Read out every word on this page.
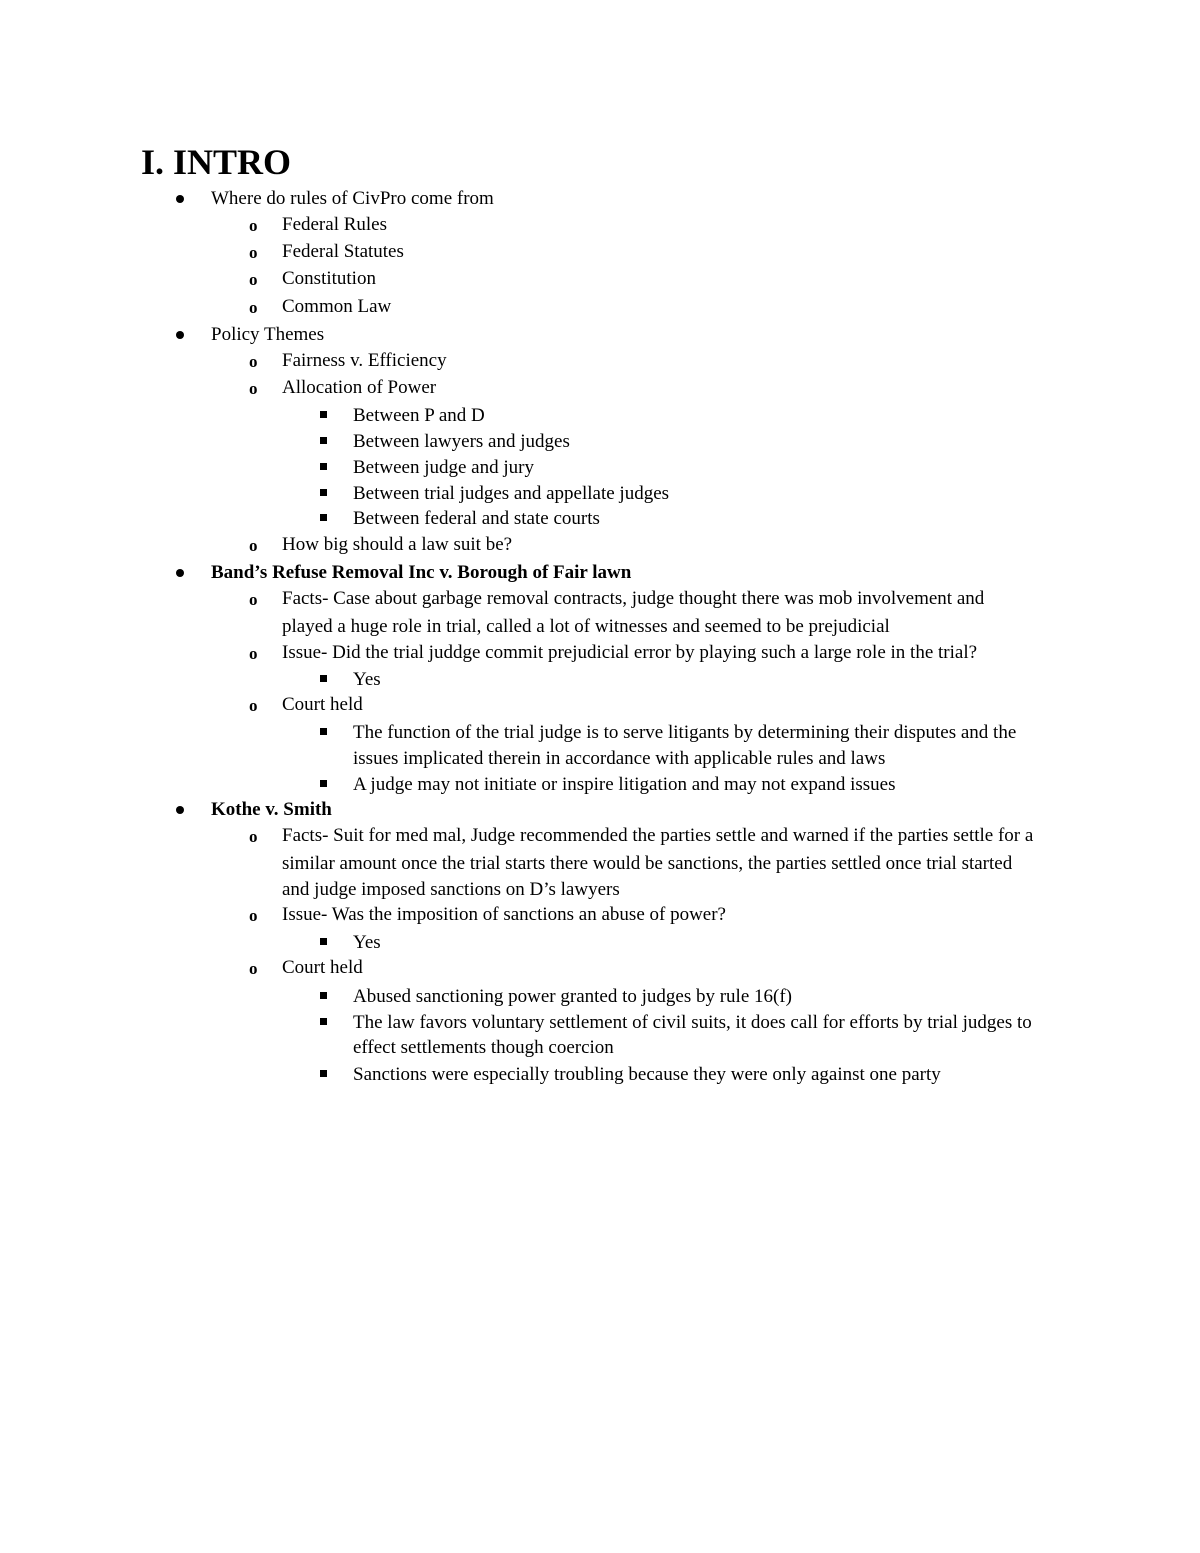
I. INTRO
Where do rules of CivPro come from
o Federal Rules
o Federal Statutes
o Constitution
o Common Law
Policy Themes
o Fairness v. Efficiency
o Allocation of Power
Between P and D
Between lawyers and judges
Between judge and jury
Between trial judges and appellate judges
Between federal and state courts
o How big should a law suit be?
Band’s Refuse Removal Inc v. Borough of Fair lawn
o Facts- Case about garbage removal contracts, judge thought there was mob involvement and
played a huge role in trial, called a lot of witnesses and seemed to be prejudicial
o Issue- Did the trial juddge commit prejudicial error by playing such a large role in the trial?
Yes
o Court held
The function of the trial judge is to serve litigants by determining their disputes and the
issues implicated therein in accordance with applicable rules and laws
A judge may not initiate or inspire litigation and may not expand issues
Kothe v. Smith
o Facts- Suit for med mal, Judge recommended the parties settle and warned if the parties settle for a
similar amount once the trial starts there would be sanctions, the parties settled once trial started
and judge imposed sanctions on D’s lawyers
o Issue- Was the imposition of sanctions an abuse of power?
Yes
o Court held
Abused sanctioning power granted to judges by rule 16(f)
The law favors voluntary settlement of civil suits, it does call for efforts by trial judges to
effect settlements though coercion
Sanctions were especially troubling because they were only against one party
